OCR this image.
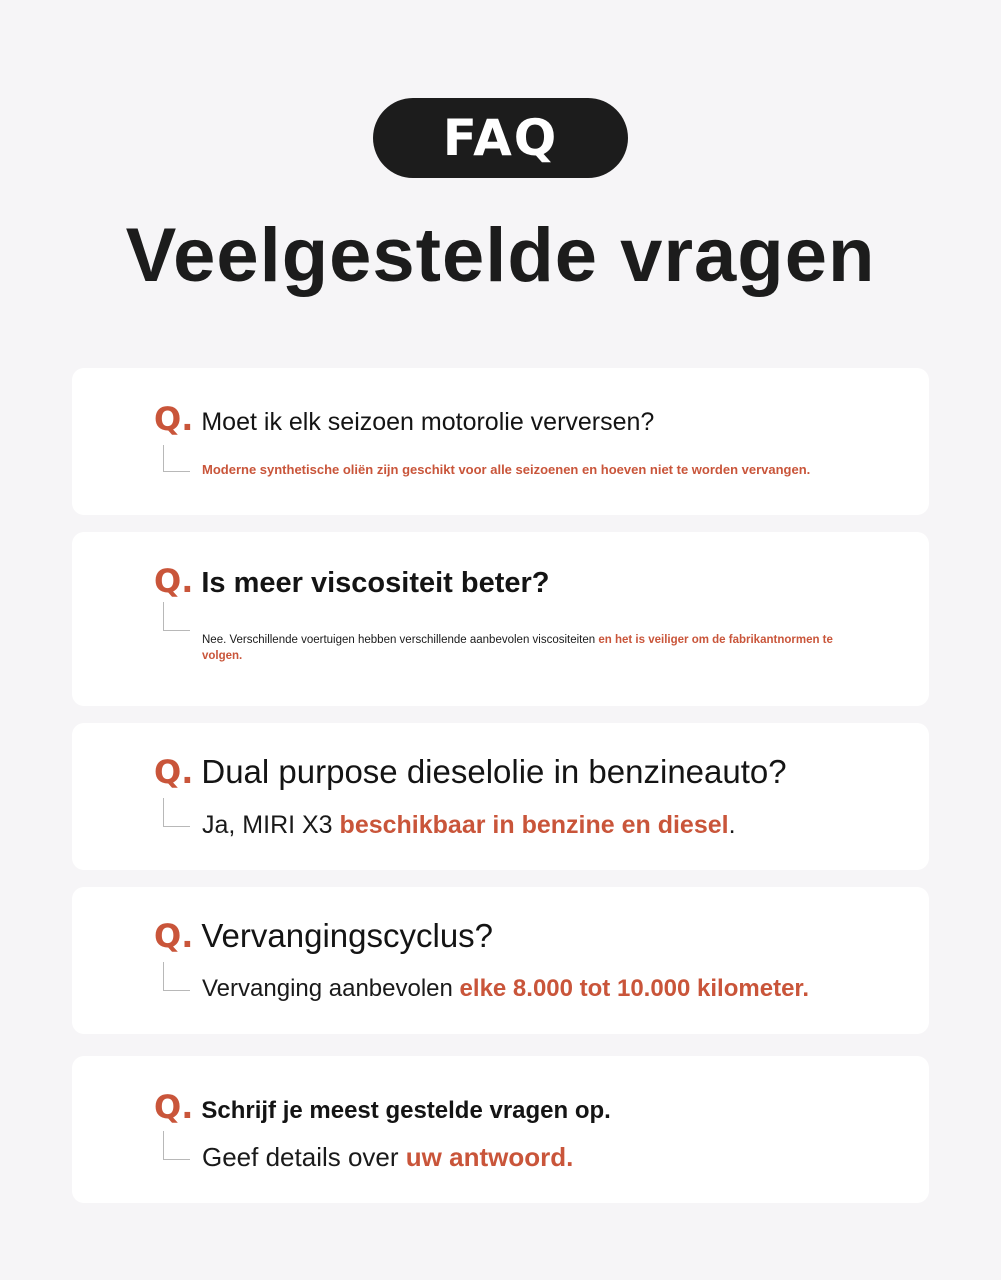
FAQ
Veelgestelde vragen
Q. Moet ik elk seizoen motorolie verversen?
Moderne synthetische oliën zijn geschikt voor alle seizoenen en hoeven niet te worden vervangen.
Q. Is meer viscositeit beter?
Nee. Verschillende voertuigen hebben verschillende aanbevolen viscositeiten en het is veiliger om de fabrikantnormen te volgen.
Q. Dual purpose dieselolie in benzineauto?
Ja, MIRI X3 beschikbaar in benzine en diesel.
Q. Vervangingscyclus?
Vervanging aanbevolen elke 8.000 tot 10.000 kilometer.
Q. Schrijf je meest gestelde vragen op.
Geef details over uw antwoord.
